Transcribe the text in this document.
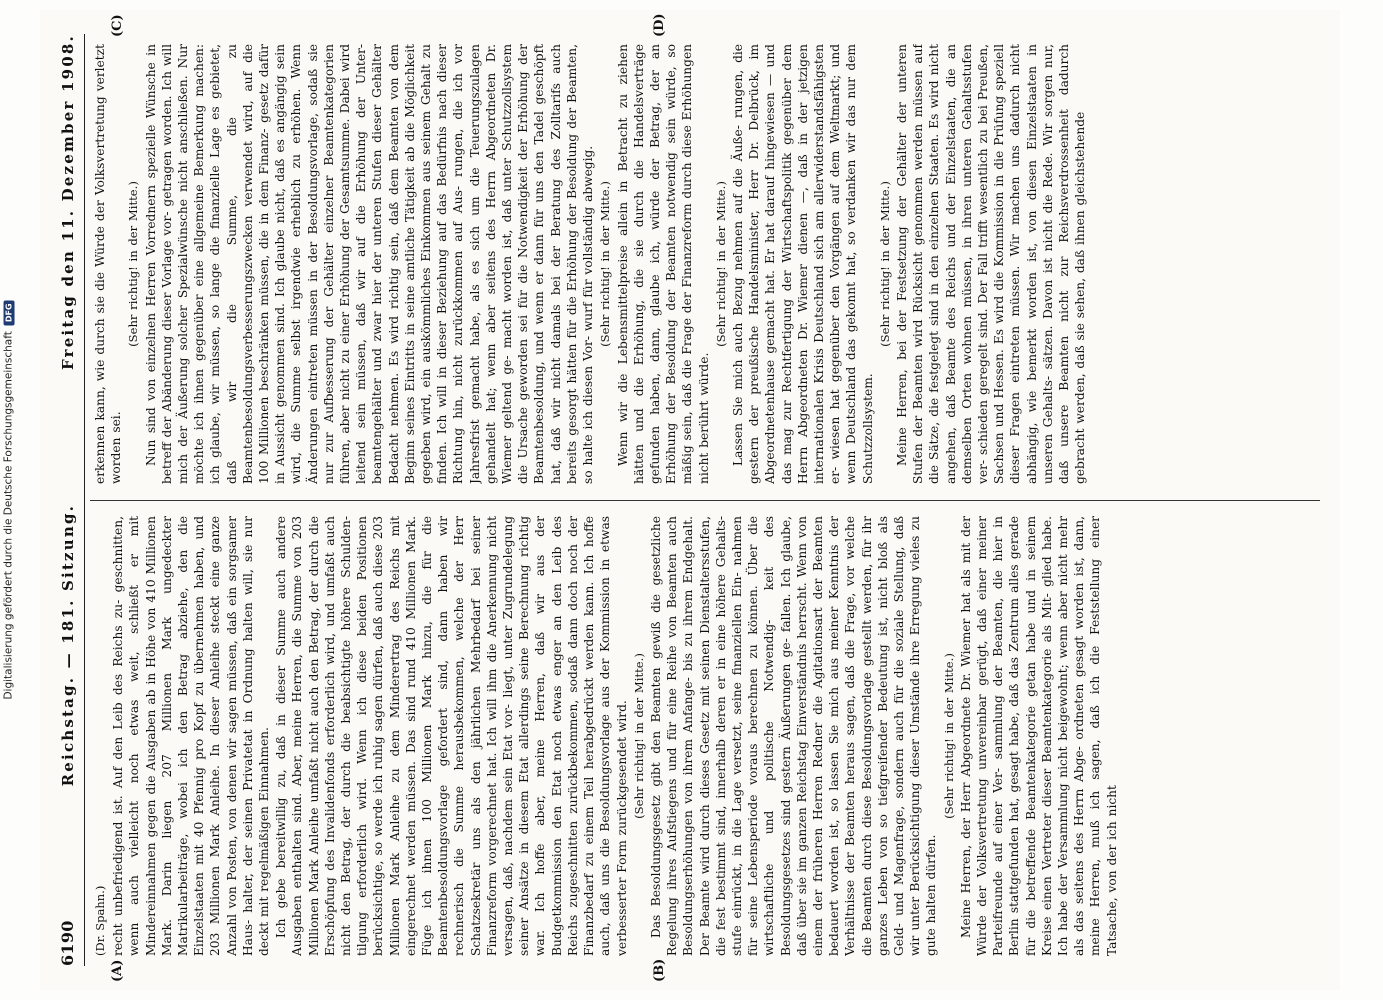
Digitalisierung gefördert durch die Deutsche Forschungsgemeinschaft
DFG
6190
Reichstag. — 181. Sitzung.
Freitag den 11. Dezember 1908.
(A)	(B)
(C)	(D)
(Dr. Spahn.) recht unbefriedigend ist. Auf den Leib des Reichs zu- geschnitten, wenn auch vielleicht noch etwas weit, schließt er mit Mindereinnahmen gegen die Ausgaben ab in Höhe von 410 Millionen Mark. Darin liegen 207 Millionen Mark ungedeckter Matrikularbeiträge, wobei ich den Betrag abziehe, den die Einzelstaaten mit 40 Pfennig pro Kopf zu übernehmen haben, und 203 Millionen Mark Anleihe. In dieser Anleihe steckt eine ganze Anzahl von Posten, von denen wir sagen müssen, daß ein sorgsamer Haus- halter, der seinen Privatetat in Ordnung halten will, sie nur deckt mit regelmäßigen Einnahmen. Ich gebe bereitwillig zu, daß in dieser Summe auch andere Ausgaben enthalten sind. Aber, meine Herren, die Summe von 203 Millionen Mark Anleihe umfaßt nicht auch den Betrag, der durch die Erschöpfung des Invalidenfonds erforderlich wird, und umfaßt auch nicht den Betrag, der durch die beabsichtigte höhere Schulden- tilgung erforderlich wird. Wenn ich diese beiden Positionen berücksichtige, so werde ich ruhig sagen dürfen, daß auch diese 203 Millionen Mark Anleihe zu dem Minderertrag des Reichs mit eingerechnet werden müssen. Das sind rund 410 Millionen Mark. Füge ich ihnen 100 Millionen Mark hinzu, die für die Beamtenbesoldungsvorlage gefordert sind, dann haben wir rechnerisch die Summe herausbekommen, welche der Herr Schatzsekretär uns als den jährlichen Mehrbedarf bei seiner Finanzreform vorgerechnet hat. Ich will ihm die Anerkennung nicht versagen, daß, nachdem sein Etat vor- liegt, unter Zugrundelegung seiner Ansätze in diesem Etat allerdings seine Berechnung richtig war. Ich hoffe aber, meine Herren, daß wir aus der Budgetkommission den Etat noch etwas enger an den Leib des Reichs zugeschnitten zurückbekommen, sodaß dann doch noch der Finanzbedarf zu einem Teil herabgedrückt werden kann. Ich hoffe auch, daß uns die Besoldungsvorlage aus der Kommission in etwas verbesserter Form zurückgesendet wird. (Sehr richtig! in der Mitte.) Das Besoldungsgesetz gibt den Beamten gewiß die gesetzliche Regelung ihres Aufstiegens und für eine Reihe von Beamten auch Besoldungserhöhungen von ihrem Anfange- bis zu ihrem Endgehalt. Der Beamte wird durch dieses Gesetz mit seinen Dienstaltersstufen, die fest bestimmt sind, innerhalb deren er in eine höhere Gehalts- stufe einrückt, in die Lage versetzt, seine finanziellen Ein- nahmen für seine Lebensperiode voraus berechnen zu können. Über die wirtschaftliche und politische Notwendig- keit des Besoldungsgesetzes sind gestern Äußerungen ge- fallen. Ich glaube, daß über sie im ganzen Reichstag Einverständnis herrscht. Wenn von einem der früheren Herren Redner die Agitationsart der Beamten bedauert worden ist, so lassen Sie mich aus meiner Kenntnis der Verhältnisse der Beamten heraus sagen, daß die Frage, vor welche die Beamten durch diese Besoldungsvorlage gestellt werden, für ihr ganzes Leben von so tiefgreifender Bedeutung ist, nicht bloß als Geld- und Magenfrage, sondern auch für die soziale Stellung, daß wir unter Berücksichtigung dieser Umstände ihre Erregung vieles zu gute halten dürfen.

(Sehr richtig! in der Mitte.) Meine Herren, der Herr Abgeordnete Dr. Wiemer hat als mit der Würde der Volksvertretung unvereinbar gerügt, daß einer meiner Parteifreunde auf einer Ver- sammlung der Beamten, die hier in Berlin stattgefunden hat, gesagt habe, daß das Zentrum alles gerade für die betreffende Beamtenkategorie getan habe und in seinem Kreise einen Vertreter dieser Beamtenkategorie als Mit- glied habe. Ich habe der Versammlung nicht beigewohnt; wenn aber nicht mehr als das seitens des Herrn Abge- ordneten gesagt worden ist, dann, meine Herren, muß ich sagen, daß ich die Feststellung einer Tatsache, von der ich nicht

erkennen kann, wie durch sie die Würde der Volksvertretung verletzt worden sei.

(Sehr richtig! in der Mitte.) Nun sind von einzelnen Herren Vorrednern spezielle Wünsche in betreff der Abänderung dieser Vorlage vor- getragen worden. Ich will mich der Äußerung solcher Spezialwünsche nicht anschließen. Nur möchte ich ihnen gegenüber eine allgemeine Bemerkung machen: ich glaube, wir müssen, so lange die finanzielle Lage es gebietet, daß wir die Summe, die zu Beamtenbesoldungsverbesserungszwecken verwendet wird, auf die 100 Millionen beschränken müssen, die in dem Finanz- gesetz dafür in Aussicht genommen sind. Ich glaube nicht, daß es angängig sein wird, die Summe selbst irgendwie erheblich zu erhöhen. Wenn Änderungen eintreten müssen in der Besoldungsvorlage, sodaß sie nur zur Aufbesserung der Gehälter einzelner Beamtenkategorien führen, aber nicht zu einer Erhöhung der Gesamtsumme. Dabei wird leitend sein müssen, daß wir auf die Erhöhung der Unter- beamtengehälter und zwar hier der unteren Stufen dieser Gehälter Bedacht nehmen. Es wird richtig sein, daß dem Beamten von dem Beginn seines Eintritts in seine amtliche Tätigkeit ab die Möglichkeit gegeben wird, ein auskömmliches Einkommen aus seinem Gehalt zu finden. Ich will in dieser Beziehung auf das Bedürfnis nach dieser Richtung hin, nicht zurückkommen auf Aus- rungen, die ich vor Jahresfrist gemacht habe, als es sich um die Teuerungszulagen gehandelt hat; wenn aber seitens des Herrn Abgeordneten Dr. Wiemer geltend ge- macht worden ist, daß unter Schutzzollsystem die Ursache geworden sei für die Notwendigkeit der Erhöhung der Beamtenbesoldung, und wenn er dann für uns den Tadel geschöpft hat, daß wir nicht damals bei der Beratung des Zolltarifs auch bereits gesorgt hätten für die Erhöhung der Besoldung der Beamten, so halte ich diesen Vor- wurf für vollständig abwegig. (Sehr richtig! in der Mitte.) Wenn wir die Lebensmittelpreise allein in Betracht zu ziehen hätten und die Erhöhung, die sie durch die Handelsverträge gefunden haben, dann, glaube ich, würde der Betrag, der an Erhöhung der Besoldung der Beamten notwendig sein würde, so mäßig sein, daß die Frage der Finanzreform durch diese Erhöhungen nicht berührt würde.

(Sehr richtig! in der Mitte.) Lassen Sie mich auch Bezug nehmen auf die Äuße- rungen, die gestern der preußische Handelsminister, Herr Dr. Delbrück, im Abgeordnetenhause gemacht hat. Er hat darauf hingewiesen — und das mag zur Rechtfertigung der Wirtschaftspolitik gegenüber dem Herrn Abgeordneten Dr. Wiemer dienen —, daß in der jetzigen internationalen Krisis Deutschland sich am allerwiderstandsfähigsten er- wiesen hat gegenüber den Vorgängen auf dem Weltmarkt; und wenn Deutschland das gekonnt hat, so verdanken wir das nur dem Schutzzollsystem.

(Sehr richtig! in der Mitte.) Meine Herren, bei der Festsetzung der Gehälter der unteren Stufen der Beamten wird Rücksicht genommen werden müssen auf die Sätze, die festgelegt sind in den einzelnen Staaten. Es wird nicht angehen, daß Beamte des Reichs und der Einzelstaaten, die an demselben Orten wohnen müssen, in ihren unteren Gehaltsstufen ver- schieden geregelt sind. Der Fall trifft wesentlich zu bei Preußen, Sachsen und Hessen. Es wird die Kommission in die Prüfung speziell dieser Fragen eintreten müssen. Wir machen uns dadurch nicht abhängig, wie bemerkt worden ist, von diesen Einzelstaaten in unseren Gehalts- sätzen. Davon ist nicht die Rede. Wir sorgen nur, daß unsere Beamten nicht zur Reichsverdrossenheit dadurch gebracht werden, daß sie sehen, daß ihnen gleichstehende
